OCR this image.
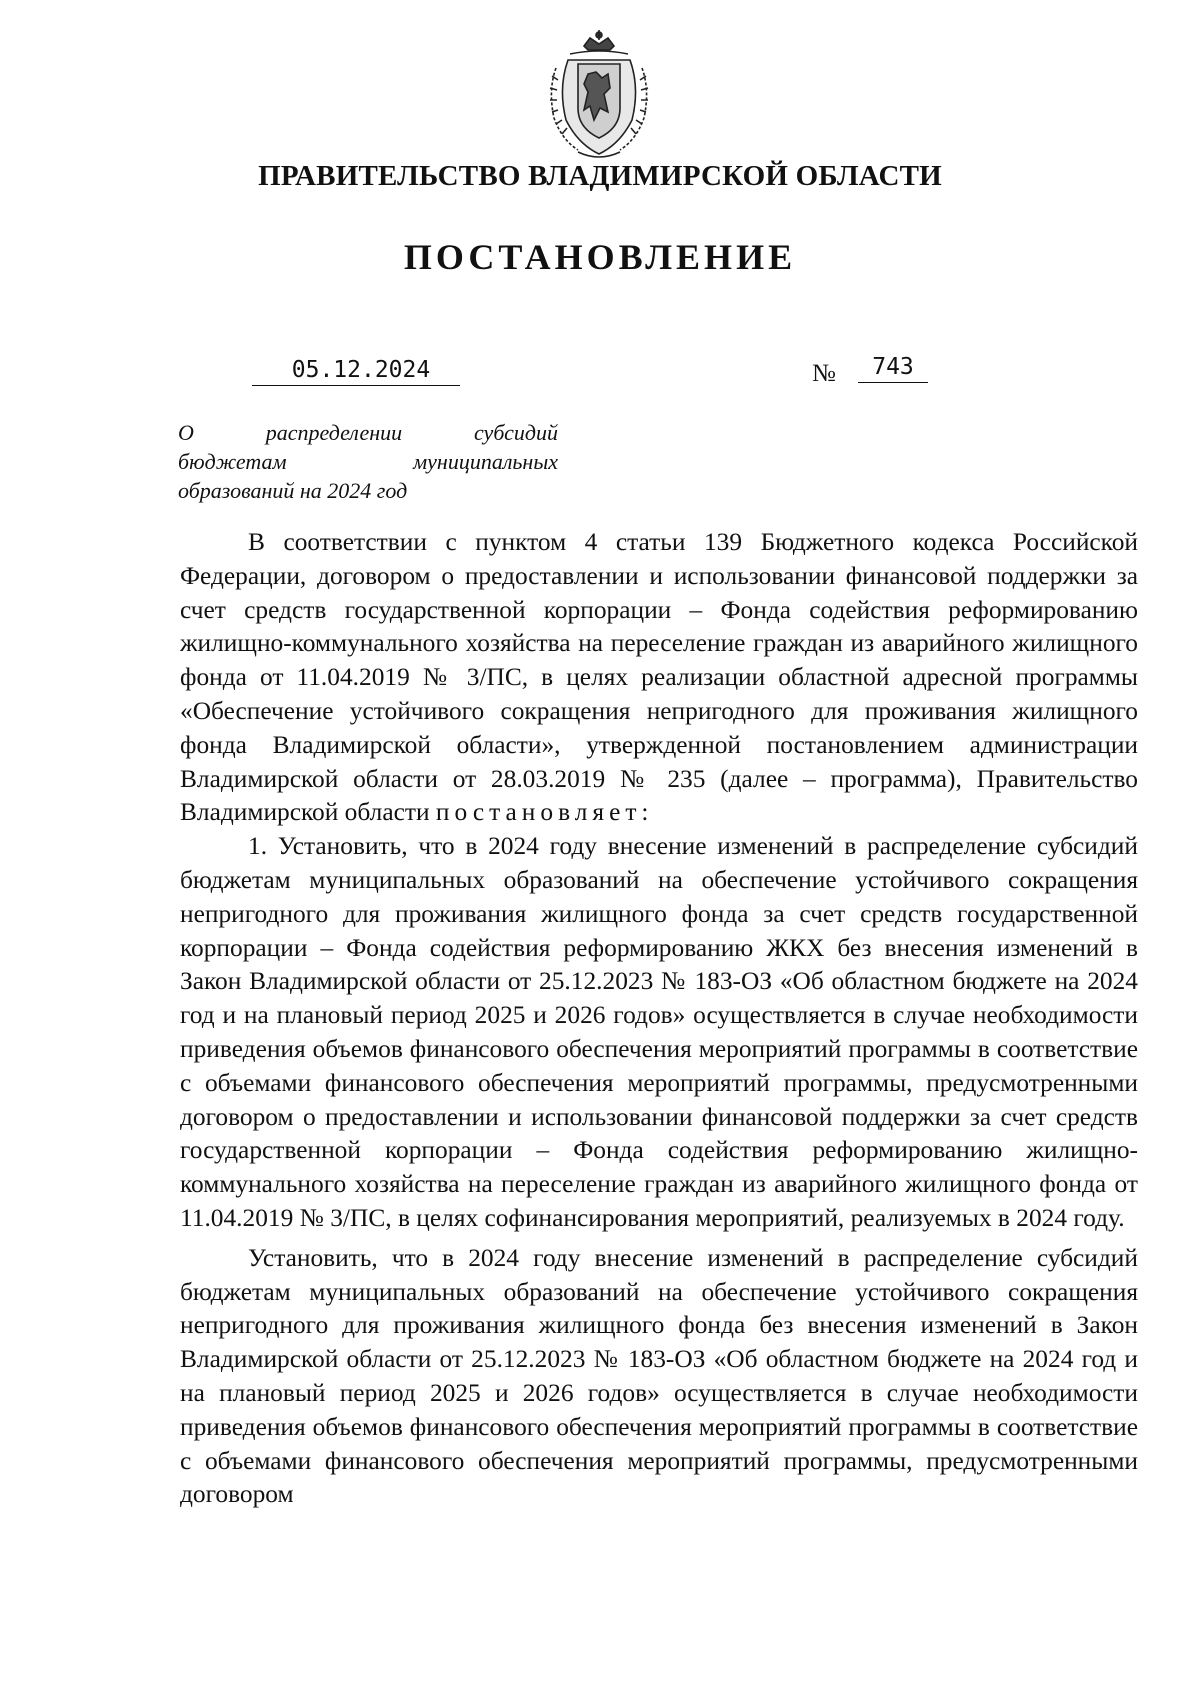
ПРАВИТЕЛЬСТВО ВЛАДИМИРСКОЙ ОБЛАСТИ
ПОСТАНОВЛЕНИЕ
05.12.2024	№	743
О распределении субсидий
бюджетам муниципальных
образований на 2024 год

В соответствии с пунктом 4 статьи 139 Бюджетного кодекса Российской Федерации, договором о предоставлении и использовании финансовой поддержки за счет средств государственной корпорации – Фонда содействия реформированию жилищно-коммунального хозяйства на переселение граждан из аварийного жилищного фонда от 11.04.2019 № 3/ПС, в целях реализации областной адресной программы «Обеспечение устойчивого сокращения непригодного для проживания жилищного фонда Владимирской области», утвержденной постановлением администрации Владимирской области от 28.03.2019 № 235 (далее – программа), Правительство Владимирской области постановляет:

1. Установить, что в 2024 году внесение изменений в распределение субсидий бюджетам муниципальных образований на обеспечение устойчивого сокращения непригодного для проживания жилищного фонда за счет средств государственной корпорации – Фонда содействия реформированию ЖКХ без внесения изменений в Закон Владимирской области от 25.12.2023 № 183-ОЗ «Об областном бюджете на 2024 год и на плановый период 2025 и 2026 годов» осуществляется в случае необходимости приведения объемов финансового обеспечения мероприятий программы в соответствие с объемами финансового обеспечения мероприятий программы, предусмотренными договором о предоставлении и использовании финансовой поддержки за счет средств государственной корпорации – Фонда содействия реформированию жилищно-коммунального хозяйства на переселение граждан из аварийного жилищного фонда от 11.04.2019 № 3/ПС, в целях софинансирования мероприятий, реализуемых в 2024 году.

Установить, что в 2024 году внесение изменений в распределение субсидий бюджетам муниципальных образований на обеспечение устойчивого сокращения непригодного для проживания жилищного фонда без внесения изменений в Закон Владимирской области от 25.12.2023 № 183-ОЗ «Об областном бюджете на 2024 год и на плановый период 2025 и 2026 годов» осуществляется в случае необходимости приведения объемов финансового обеспечения мероприятий программы в соответствие с объемами финансового обеспечения мероприятий программы, предусмотренными договором
